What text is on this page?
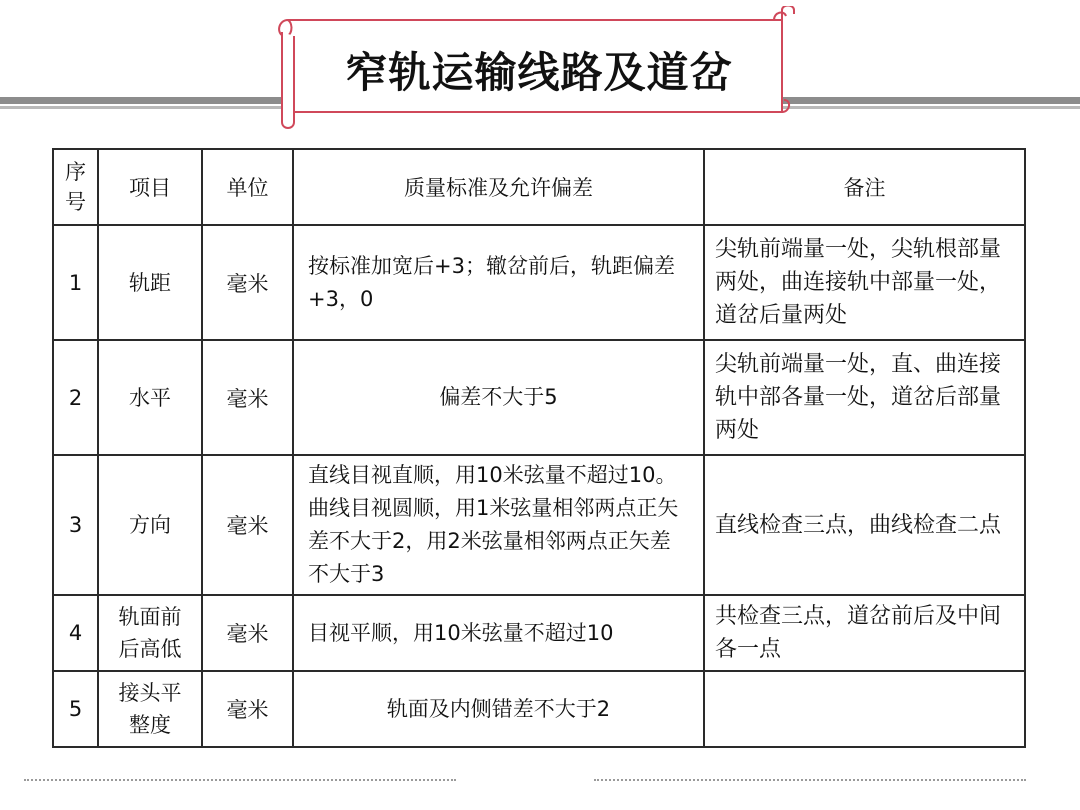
窄轨运输线路及道岔
序号	项目	单位	质量标准及允许偏差	备注
1	轨距	毫米	按标准加宽后+3；辙岔前后，轨距偏差+3，0	尖轨前端量一处，尖轨根部量两处，曲连接轨中部量一处，道岔后量两处
2	水平	毫米	偏差不大于5	尖轨前端量一处，直、曲连接轨中部各量一处，道岔后部量两处
3	方向	毫米	直线目视直顺，用10米弦量不超过10。曲线目视圆顺，用1米弦量相邻两点正矢差不大于2，用2米弦量相邻两点正矢差不大于3	直线检查三点，曲线检查二点
4	轨面前后高低	毫米	目视平顺，用10米弦量不超过10	共检查三点，道岔前后及中间各一点
5	接头平整度	毫米	轨面及内侧错差不大于2	
